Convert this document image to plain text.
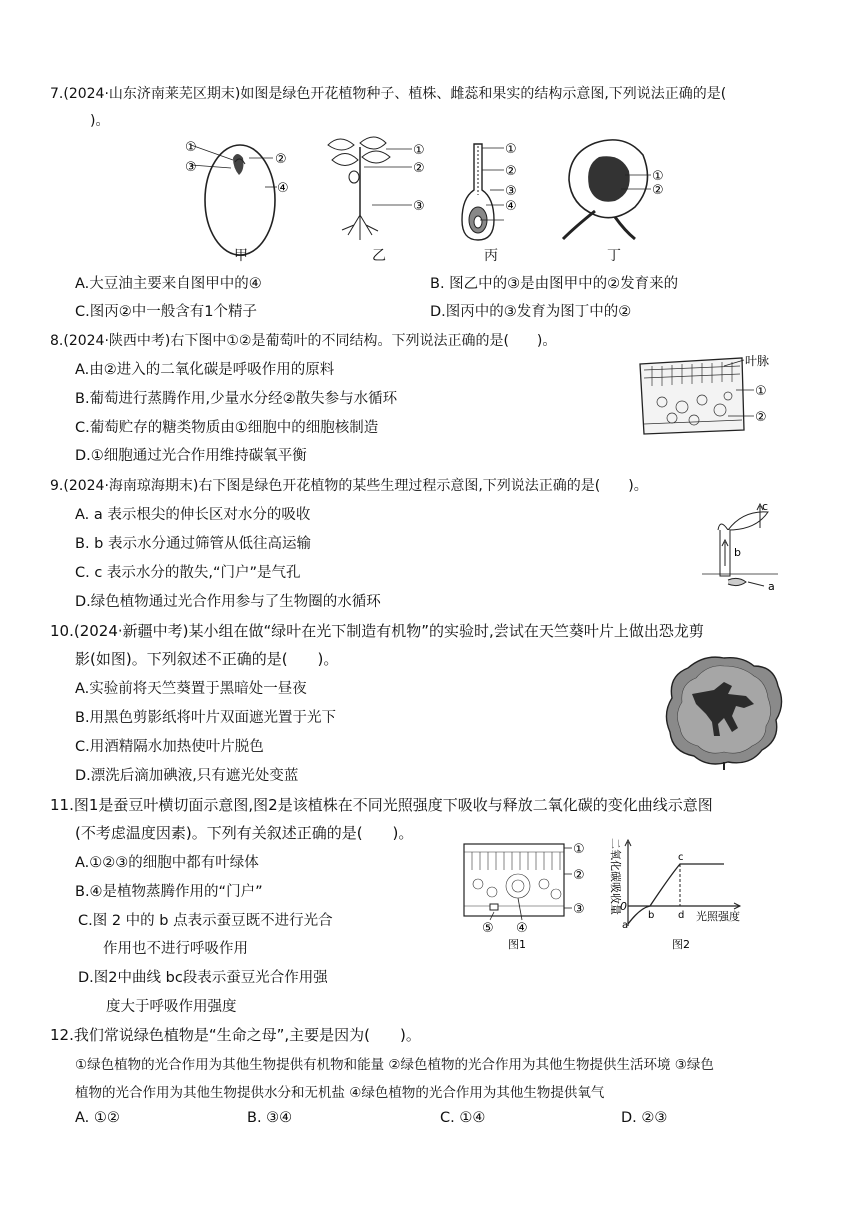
7.(2024·山东济南莱芜区期末)如图是绿色开花植物种子、植株、雌蕊和果实的结构示意图,下列说法正确的是(
)。
①
③
②
④
甲
①
②
③
乙
①
②
③
④
丙
①
②
丁
A.大豆油主要来自图甲中的④	B. 图乙中的③是由图甲中的②发育来的
C.图丙②中一般含有1个精子	D.图丙中的③发育为图丁中的②
8.(2024·陕西中考)右下图中①②是葡萄叶的不同结构。下列说法正确的是(　　)。
A.由②进入的二氧化碳是呼吸作用的原料
B.葡萄进行蒸腾作用,少量水分经②散失参与水循环
C.葡萄贮存的糖类物质由①细胞中的细胞核制造
D.①细胞通过光合作用维持碳氧平衡
叶脉
①
②
9.(2024·海南琼海期末)右下图是绿色开花植物的某些生理过程示意图,下列说法正确的是(　　)。
A. a 表示根尖的伸长区对水分的吸收
B. b 表示水分通过筛管从低往高运输
C. c 表示水分的散失,“门户”是气孔
D.绿色植物通过光合作用参与了生物圈的水循环
c
b
a
10.(2024·新疆中考)某小组在做“绿叶在光下制造有机物”的实验时,尝试在天竺葵叶片上做出恐龙剪
影(如图)。下列叙述不正确的是(　　)。
A.实验前将天竺葵置于黑暗处一昼夜
B.用黑色剪影纸将叶片双面遮光置于光下
C.用酒精隔水加热使叶片脱色
D.漂洗后滴加碘液,只有遮光处变蓝
11.图1是蚕豆叶横切面示意图,图2是该植株在不同光照强度下吸收与释放二氧化碳的变化曲线示意图
(不考虑温度因素)。下列有关叙述正确的是(　　)。
A.①②③的细胞中都有叶绿体
B.④是植物蒸腾作用的“门户”
C.图 2 中的 b 点表示蚕豆既不进行光合
作用也不进行呼吸作用
D.图2中曲线 bc段表示蚕豆光合作用强
度大于呼吸作用强度
①
②
③
⑤ ④
图1
二氧化碳吸收量
0
a
b
c
d 光照强度
图2
12.我们常说绿色植物是“生命之母”,主要是因为(　　)。
①绿色植物的光合作用为其他生物提供有机物和能量 ②绿色植物的光合作用为其他生物提供生活环境 ③绿色
植物的光合作用为其他生物提供水分和无机盐 ④绿色植物的光合作用为其他生物提供氧气
A. ①②	B. ③④	C. ①④	D. ②③
